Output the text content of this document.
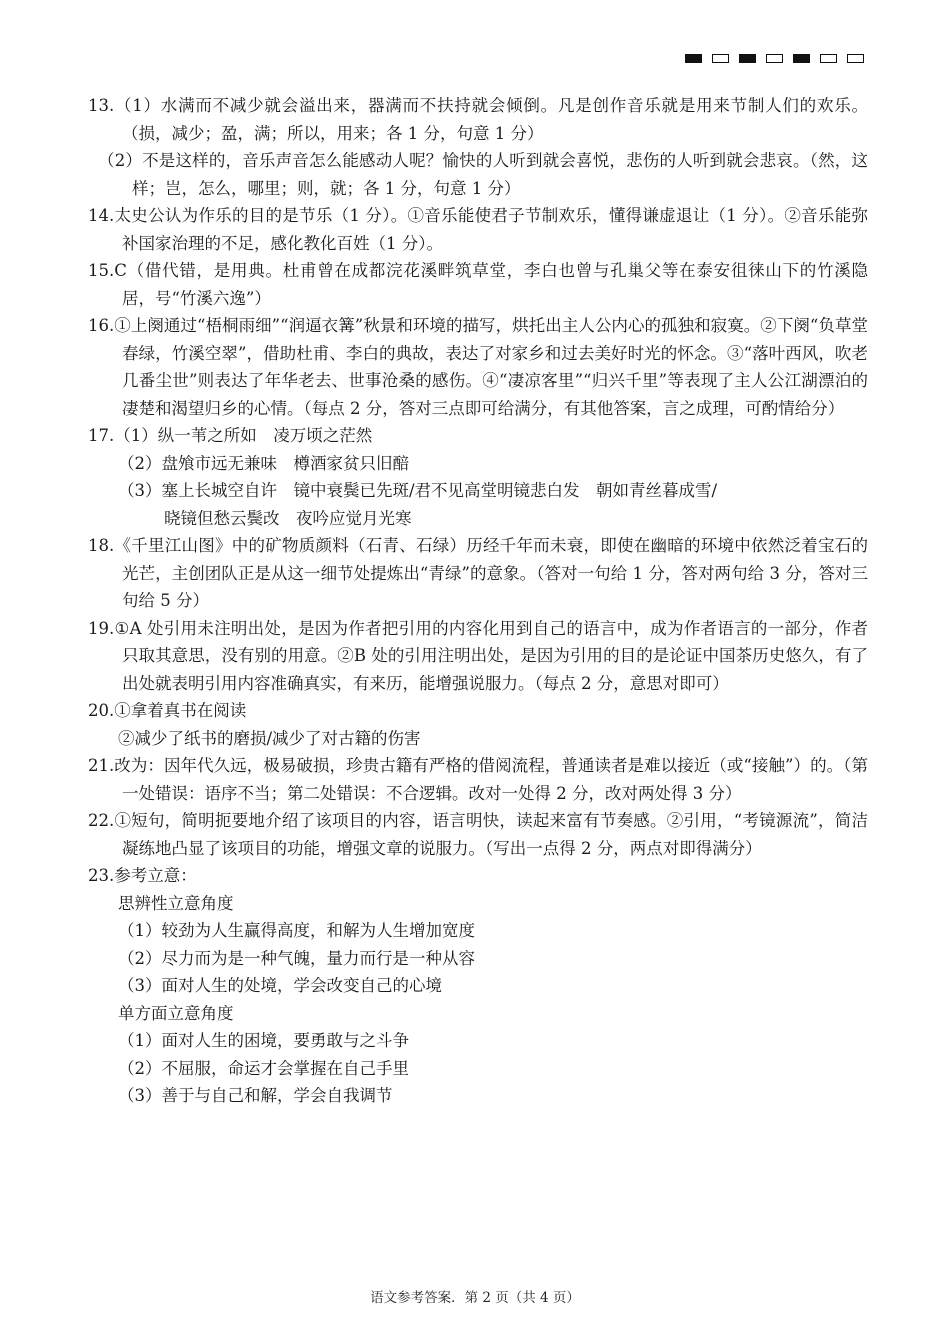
13.（1）水满而不减少就会溢出来，器满而不扶持就会倾倒。凡是创作音乐就是用来节制人们的欢乐。（损，减少；盈，满；所以，用来；各 1 分，句意 1 分）

（2）不是这样的，音乐声音怎么能感动人呢？愉快的人听到就会喜悦，悲伤的人听到就会悲哀。（然，这样；岂，怎么，哪里；则，就；各 1 分，句意 1 分）

14.太史公认为作乐的目的是节乐（1 分）。①音乐能使君子节制欢乐，懂得谦虚退让（1 分）。②音乐能弥补国家治理的不足，感化教化百姓（1 分）。

15.C（借代错，是用典。杜甫曾在成都浣花溪畔筑草堂，李白也曾与孔巢父等在泰安徂徕山下的竹溪隐居，号“竹溪六逸”）

16.①上阕通过“梧桐雨细”“润逼衣篝”秋景和环境的描写，烘托出主人公内心的孤独和寂寞。②下阕“负草堂春绿，竹溪空翠”，借助杜甫、李白的典故，表达了对家乡和过去美好时光的怀念。③“落叶西风，吹老几番尘世”则表达了年华老去、世事沧桑的感伤。④“凄凉客里”“归兴千里”等表现了主人公江湖漂泊的凄楚和渴望归乡的心情。（每点 2 分，答对三点即可给满分，有其他答案，言之成理，可酌情给分）

17.（1）纵一苇之所如　凌万顷之茫然

（2）盘飧市远无兼味　樽酒家贫只旧醅

（3）塞上长城空自许　镜中衰鬓已先斑/君不见高堂明镜悲白发　朝如青丝暮成雪/

晓镜但愁云鬓改　夜吟应觉月光寒

18.《千里江山图》中的矿物质颜料（石青、石绿）历经千年而未衰，即使在幽暗的环境中依然泛着宝石的光芒，主创团队正是从这一细节处提炼出“青绿”的意象。（答对一句给 1 分，答对两句给 3 分，答对三句给 5 分）

19.①A 处引用未注明出处，是因为作者把引用的内容化用到自己的语言中，成为作者语言的一部分，作者只取其意思，没有别的用意。②B 处的引用注明出处，是因为引用的目的是论证中国茶历史悠久，有了出处就表明引用内容准确真实，有来历，能增强说服力。（每点 2 分，意思对即可）

20.①拿着真书在阅读

②减少了纸书的磨损/减少了对古籍的伤害

21.改为：因年代久远，极易破损，珍贵古籍有严格的借阅流程，普通读者是难以接近（或“接触”）的。（第一处错误：语序不当；第二处错误：不合逻辑。改对一处得 2 分，改对两处得 3 分）

22.①短句，简明扼要地介绍了该项目的内容，语言明快，读起来富有节奏感。②引用，“考镜源流”，简洁凝练地凸显了该项目的功能，增强文章的说服力。（写出一点得 2 分，两点对即得满分）

23.参考立意：

思辨性立意角度

（1）较劲为人生赢得高度，和解为人生增加宽度

（2）尽力而为是一种气魄，量力而行是一种从容

（3）面对人生的处境，学会改变自己的心境

单方面立意角度

（1）面对人生的困境，要勇敢与之斗争

（2）不屈服，命运才会掌握在自己手里

（3）善于与自己和解，学会自我调节

语文参考答案．第 2 页（共 4 页）
